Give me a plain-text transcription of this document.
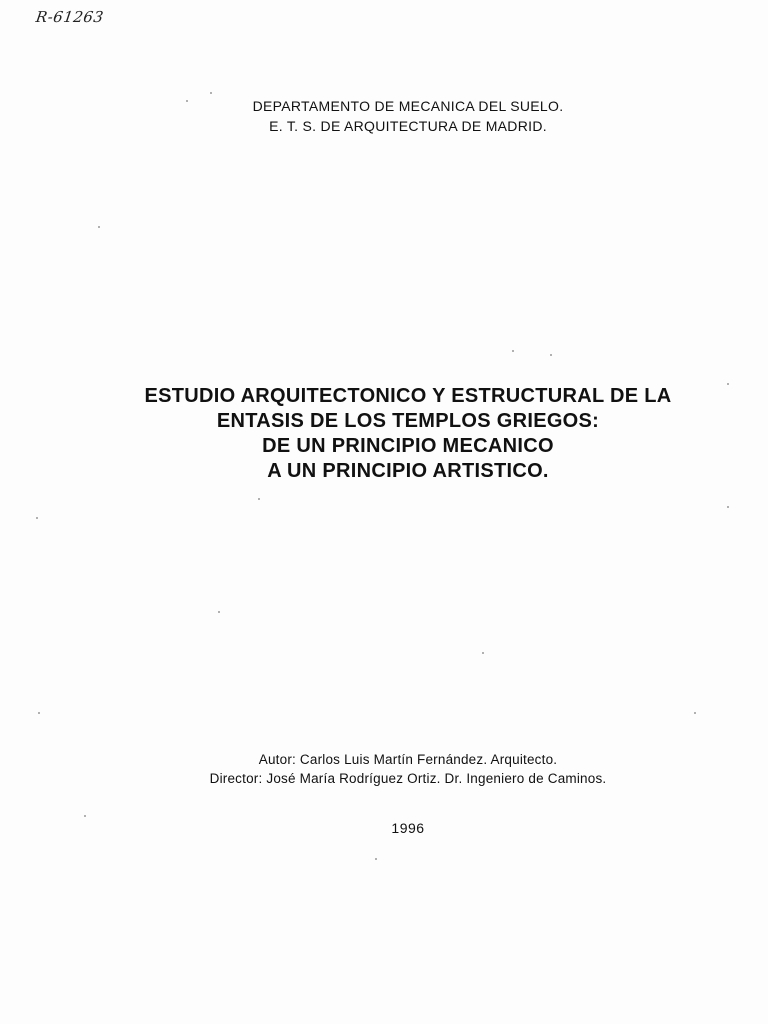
R-61263
DEPARTAMENTO DE MECANICA DEL SUELO.
E. T. S. DE ARQUITECTURA DE MADRID.
ESTUDIO ARQUITECTONICO Y ESTRUCTURAL DE LA
ENTASIS DE LOS TEMPLOS GRIEGOS:
DE UN PRINCIPIO MECANICO
A UN PRINCIPIO ARTISTICO.
Autor: Carlos Luis Martín Fernández. Arquitecto.
Director: José María Rodríguez Ortiz. Dr. Ingeniero de Caminos.
1996
